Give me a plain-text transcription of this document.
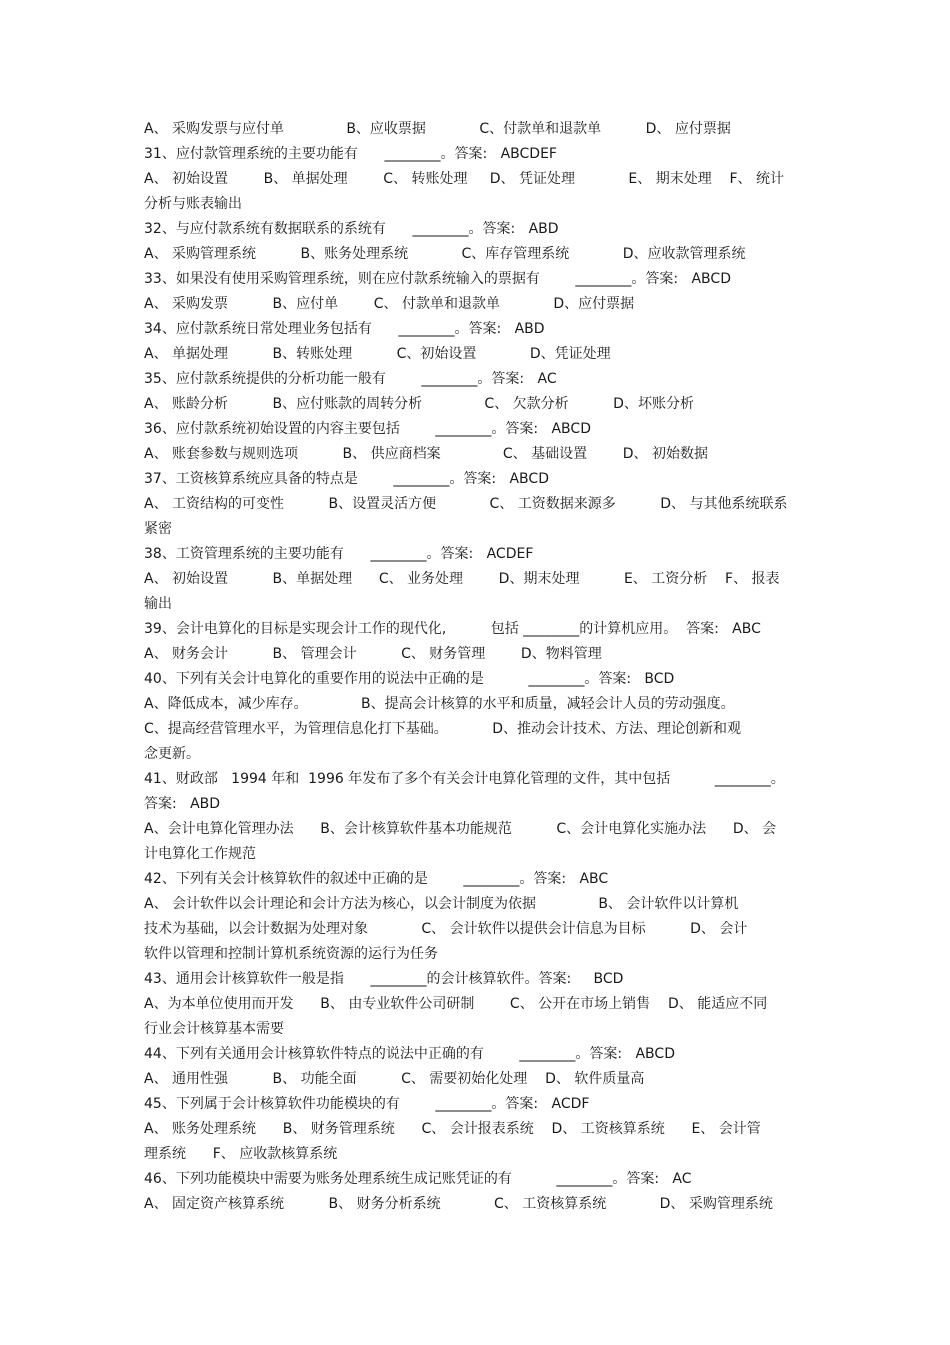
A、 采购发票与应付单              B、应收票据            C、付款单和退款单          D、 应付票据
31、应付款管理系统的主要功能有      ________。答案:   ABCDEF
A、 初始设置        B、 单据处理        C、 转账处理     D、 凭证处理            E、 期末处理    F、 统计
分析与账表输出
32、与应付款系统有数据联系的系统有      ________。答案:   ABD
A、 采购管理系统          B、账务处理系统            C、库存管理系统            D、应收款管理系统
33、如果没有使用采购管理系统，则在应付款系统输入的票据有        ________。答案:   ABCD
A、 采购发票          B、应付单        C、 付款单和退款单            D、应付票据
34、应付款系统日常处理业务包括有      ________。答案:   ABD
A、 单据处理          B、转账处理          C、初始设置            D、凭证处理
35、应付款系统提供的分析功能一般有        ________。答案:   AC
A、 账龄分析          B、应付账款的周转分析              C、 欠款分析          D、坏账分析
36、应付款系统初始设置的内容主要包括        ________。答案:   ABCD
A、 账套参数与规则选项          B、 供应商档案              C、 基础设置        D、 初始数据
37、工资核算系统应具备的特点是        ________。答案:   ABCD
A、 工资结构的可变性          B、设置灵活方便            C、 工资数据来源多          D、 与其他系统联系
紧密
38、工资管理系统的主要功能有      ________。答案:   ACDEF
A、 初始设置          B、单据处理      C、 业务处理        D、期末处理          E、 工资分析    F、 报表
输出
39、会计电算化的目标是实现会计工作的现代化,          包括 ________的计算机应用。  答案:   ABC
A、 财务会计          B、 管理会计          C、 财务管理        D、物料管理
40、下列有关会计电算化的重要作用的说法中正确的是          ________。答案:   BCD
A、降低成本，减少库存。            B、提高会计核算的水平和质量，减轻会计人员的劳动强度。
C、提高经营管理水平，为管理信息化打下基础。          D、推动会计技术、方法、理论创新和观
念更新。
41、财政部   1994 年和  1996 年发布了多个有关会计电算化管理的文件，其中包括          ________。
答案:   ABD
A、会计电算化管理办法      B、会计核算软件基本功能规范          C、会计电算化实施办法      D、 会
计电算化工作规范
42、下列有关会计核算软件的叙述中正确的是        ________。答案:   ABC
A、 会计软件以会计理论和会计方法为核心，以会计制度为依据              B、 会计软件以计算机
技术为基础，以会计数据为处理对象            C、 会计软件以提供会计信息为目标          D、 会计
软件以管理和控制计算机系统资源的运行为任务
43、通用会计核算软件一般是指      ________的会计核算软件。答案:     BCD
A、为本单位使用而开发      B、 由专业软件公司研制        C、 公开在市场上销售    D、 能适应不同
行业会计核算基本需要
44、下列有关通用会计核算软件特点的说法中正确的有        ________。答案:   ABCD
A、 通用性强          B、 功能全面          C、 需要初始化处理    D、 软件质量高
45、下列属于会计核算软件功能模块的有        ________。答案:   ACDF
A、 账务处理系统      B、 财务管理系统      C、 会计报表系统    D、 工资核算系统      E、 会计管
理系统      F、 应收款核算系统
46、下列功能模块中需要为账务处理系统生成记账凭证的有          ________。答案:   AC
A、 固定资产核算系统          B、 财务分析系统            C、 工资核算系统            D、 采购管理系统
